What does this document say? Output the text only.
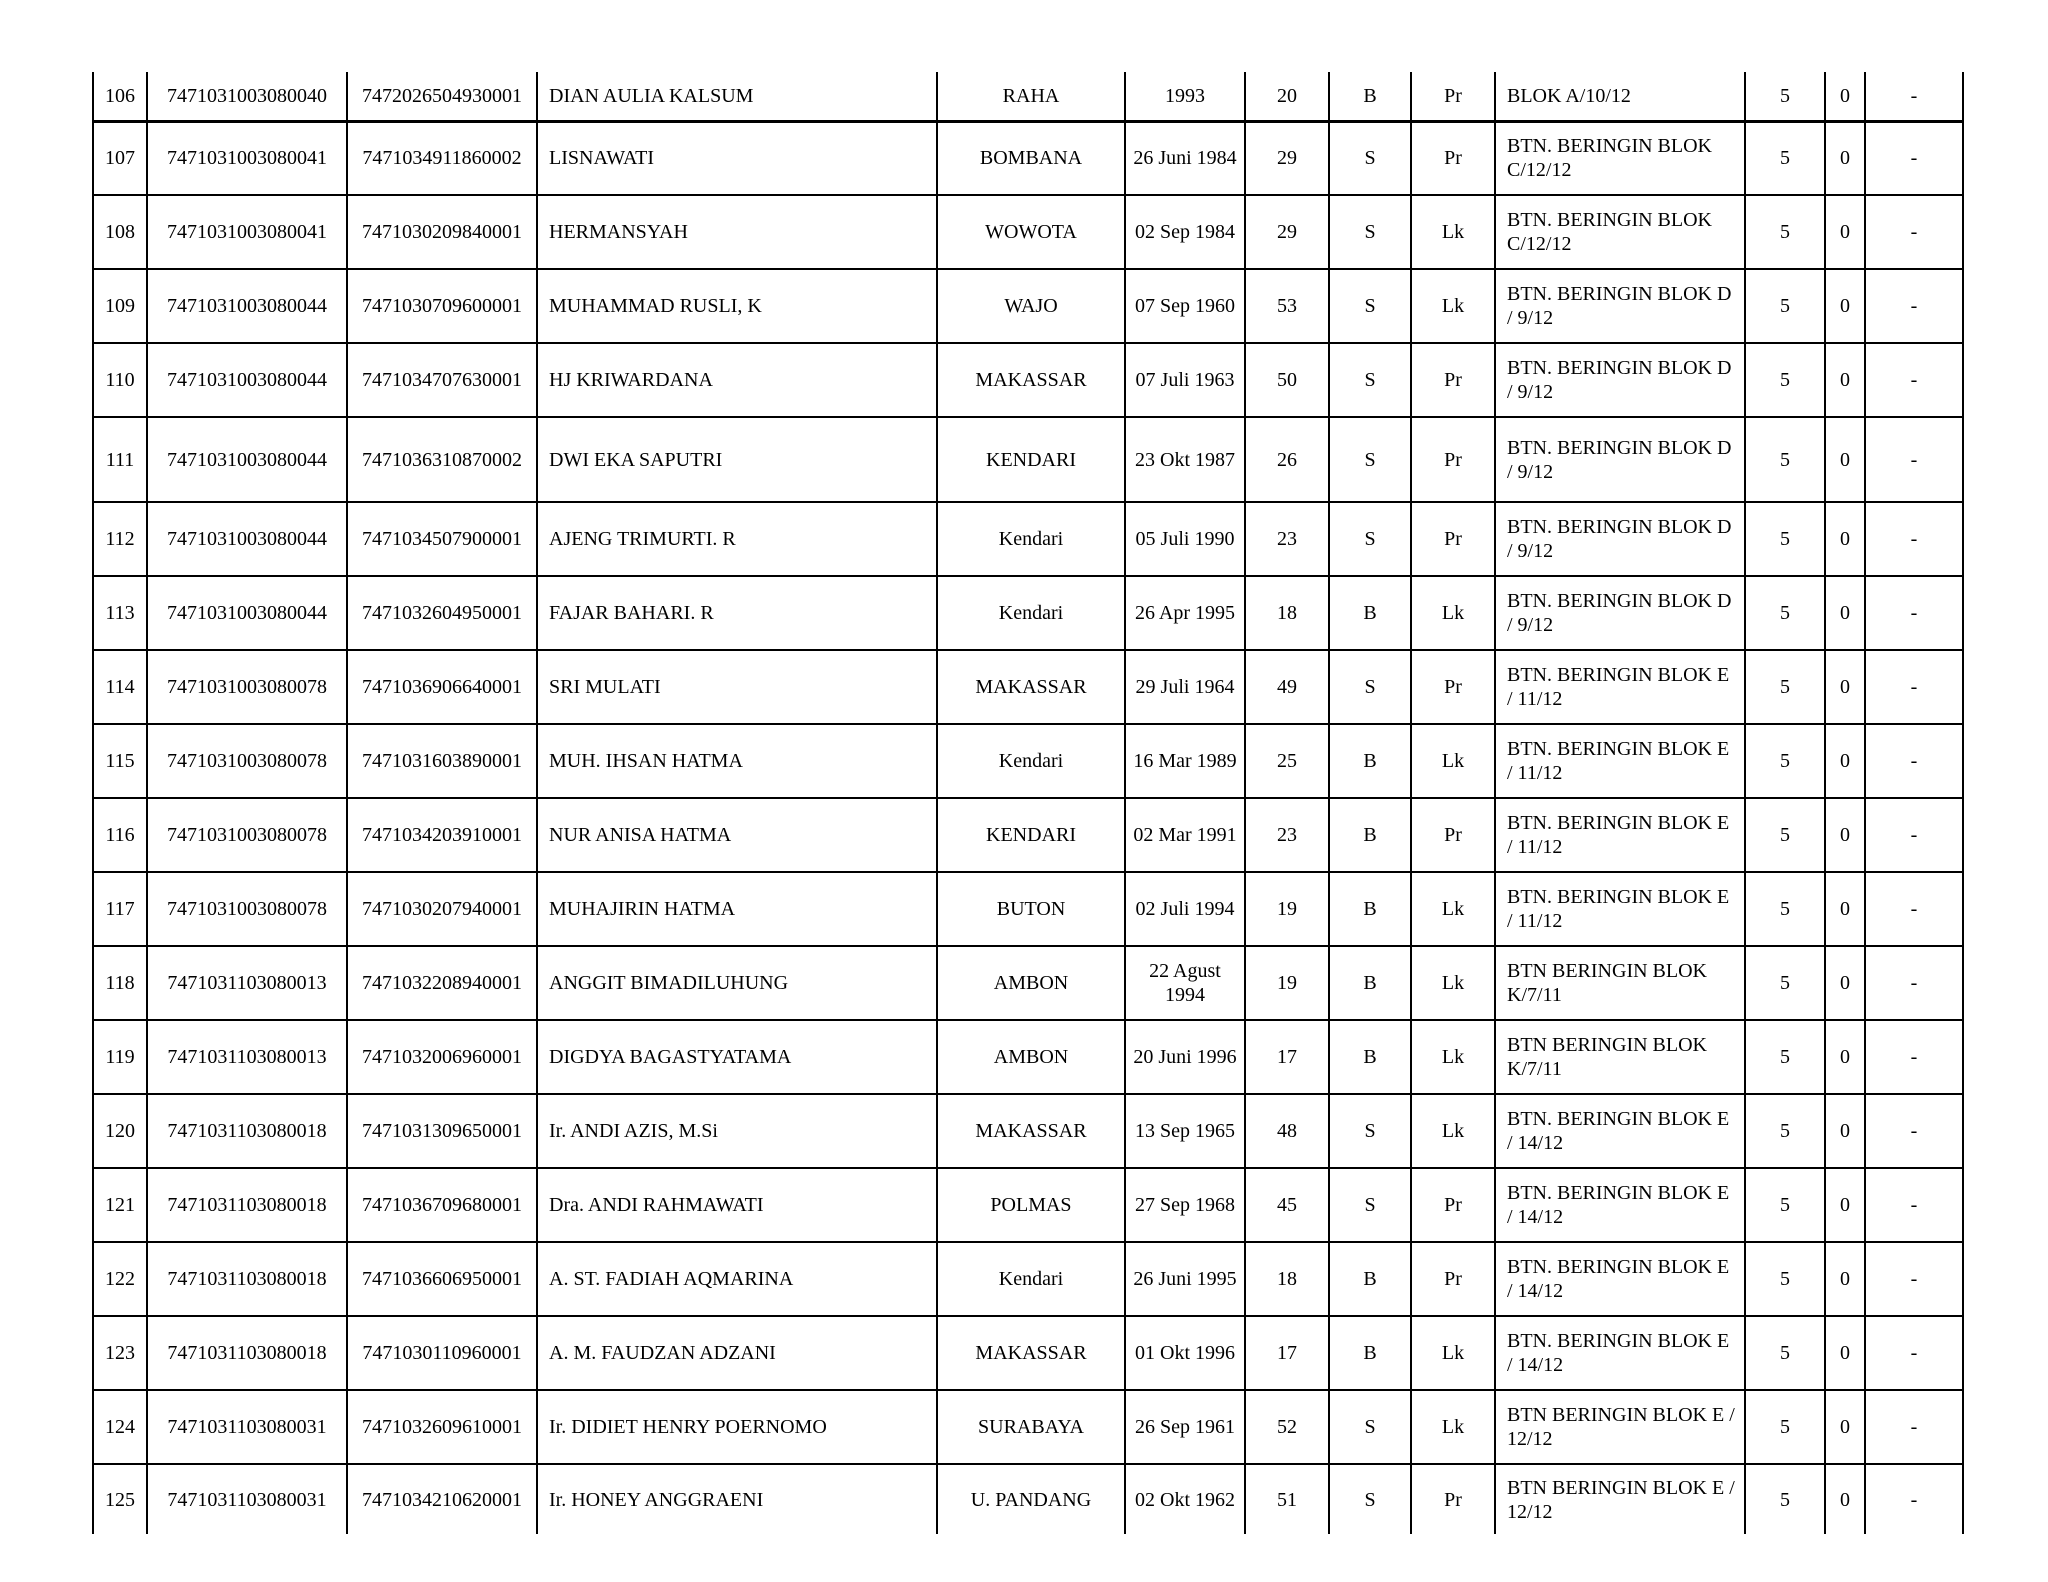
106	7471031003080040	7472026504930001	DIAN AULIA KALSUM	RAHA	1993	20	B	Pr	BLOK A/10/12	5	0	-
107	7471031003080041	7471034911860002	LISNAWATI	BOMBANA	26 Juni 1984	29	S	Pr	BTN. BERINGIN BLOK C/12/12	5	0	-
108	7471031003080041	7471030209840001	HERMANSYAH	WOWOTA	02 Sep 1984	29	S	Lk	BTN. BERINGIN BLOK C/12/12	5	0	-
109	7471031003080044	7471030709600001	MUHAMMAD RUSLI, K	WAJO	07 Sep 1960	53	S	Lk	BTN. BERINGIN BLOK D / 9/12	5	0	-
110	7471031003080044	7471034707630001	HJ KRIWARDANA	MAKASSAR	07 Juli 1963	50	S	Pr	BTN. BERINGIN BLOK D / 9/12	5	0	-
111	7471031003080044	7471036310870002	DWI EKA SAPUTRI	KENDARI	23 Okt 1987	26	S	Pr	BTN. BERINGIN BLOK D / 9/12	5	0	-
112	7471031003080044	7471034507900001	AJENG TRIMURTI. R	Kendari	05 Juli 1990	23	S	Pr	BTN. BERINGIN BLOK D / 9/12	5	0	-
113	7471031003080044	7471032604950001	FAJAR BAHARI. R	Kendari	26 Apr 1995	18	B	Lk	BTN. BERINGIN BLOK D / 9/12	5	0	-
114	7471031003080078	7471036906640001	SRI MULATI	MAKASSAR	29 Juli 1964	49	S	Pr	BTN. BERINGIN BLOK E / 11/12	5	0	-
115	7471031003080078	7471031603890001	MUH. IHSAN HATMA	Kendari	16 Mar 1989	25	B	Lk	BTN. BERINGIN BLOK E / 11/12	5	0	-
116	7471031003080078	7471034203910001	NUR ANISA HATMA	KENDARI	02 Mar 1991	23	B	Pr	BTN. BERINGIN BLOK E / 11/12	5	0	-
117	7471031003080078	7471030207940001	MUHAJIRIN HATMA	BUTON	02 Juli 1994	19	B	Lk	BTN. BERINGIN BLOK E / 11/12	5	0	-
118	7471031103080013	7471032208940001	ANGGIT BIMADILUHUNG	AMBON	22 Agust 1994	19	B	Lk	BTN BERINGIN BLOK K/7/11	5	0	-
119	7471031103080013	7471032006960001	DIGDYA BAGASTYATAMA	AMBON	20 Juni 1996	17	B	Lk	BTN BERINGIN BLOK K/7/11	5	0	-
120	7471031103080018	7471031309650001	Ir. ANDI AZIS, M.Si	MAKASSAR	13 Sep 1965	48	S	Lk	BTN. BERINGIN BLOK E / 14/12	5	0	-
121	7471031103080018	7471036709680001	Dra. ANDI RAHMAWATI	POLMAS	27 Sep 1968	45	S	Pr	BTN. BERINGIN BLOK E / 14/12	5	0	-
122	7471031103080018	7471036606950001	A. ST. FADIAH AQMARINA	Kendari	26 Juni 1995	18	B	Pr	BTN. BERINGIN BLOK E / 14/12	5	0	-
123	7471031103080018	7471030110960001	A. M. FAUDZAN ADZANI	MAKASSAR	01 Okt 1996	17	B	Lk	BTN. BERINGIN BLOK E / 14/12	5	0	-
124	7471031103080031	7471032609610001	Ir. DIDIET HENRY POERNOMO	SURABAYA	26 Sep 1961	52	S	Lk	BTN BERINGIN BLOK E / 12/12	5	0	-
125	7471031103080031	7471034210620001	Ir. HONEY ANGGRAENI	U. PANDANG	02 Okt 1962	51	S	Pr	BTN BERINGIN BLOK E / 12/12	5	0	-
